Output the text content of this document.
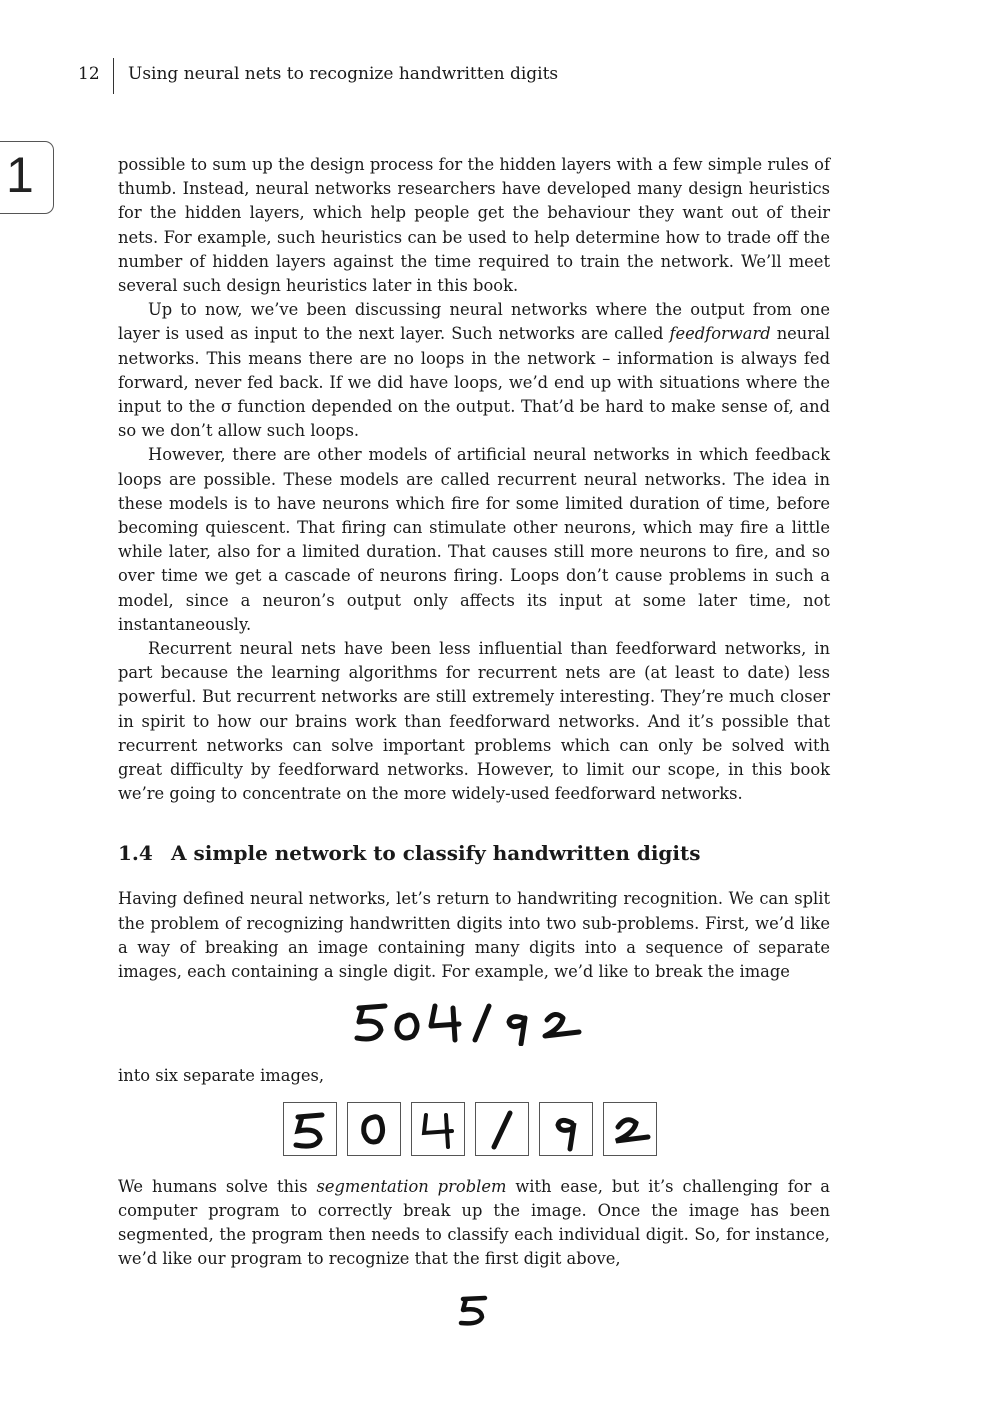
12 Using neural nets to recognize handwritten digits
1	possible to sum up the design process for the hidden layers with a few simple rules of thumb. Instead, neural networks researchers have developed many design heuristics for the hidden layers, which help people get the behaviour they want out of their nets. For example, such heuristics can be used to help determine how to trade off the number of hidden layers against the time required to train the network. We’ll meet several such design heuristics later in this book.

Up to now, we’ve been discussing neural networks where the output from one layer is used as input to the next layer. Such networks are called feedforward neural networks. This means there are no loops in the network – information is always fed forward, never fed back. If we did have loops, we’d end up with situations where the input to the σ function depended on the output. That’d be hard to make sense of, and so we don’t allow such loops.

However, there are other models of artificial neural networks in which feedback loops are possible. These models are called recurrent neural networks. The idea in these models is to have neurons which fire for some limited duration of time, before becoming quiescent. That firing can stimulate other neurons, which may fire a little while later, also for a limited duration. That causes still more neurons to fire, and so over time we get a cascade of neurons firing. Loops don’t cause problems in such a model, since a neuron’s output only affects its input at some later time, not instantaneously.

Recurrent neural nets have been less influential than feedforward networks, in part because the learning algorithms for recurrent nets are (at least to date) less powerful. But recurrent networks are still extremely interesting. They’re much closer in spirit to how our brains work than feedforward networks. And it’s possible that recurrent networks can solve important problems which can only be solved with great difficulty by feedforward networks. However, to limit our scope, in this book we’re going to concentrate on the more widely-used feedforward networks.

1.4 A simple network to classify handwritten digits

Having defined neural networks, let’s return to handwriting recognition. We can split the problem of recognizing handwritten digits into two sub-problems. First, we’d like a way of breaking an image containing many digits into a sequence of separate images, each containing a single digit. For example, we’d like to break the image

into six separate images,

We humans solve this segmentation problem with ease, but it’s challenging for a computer program to correctly break up the image. Once the image has been segmented, the program then needs to classify each individual digit. So, for instance, we’d like our program to recognize that the first digit above,
